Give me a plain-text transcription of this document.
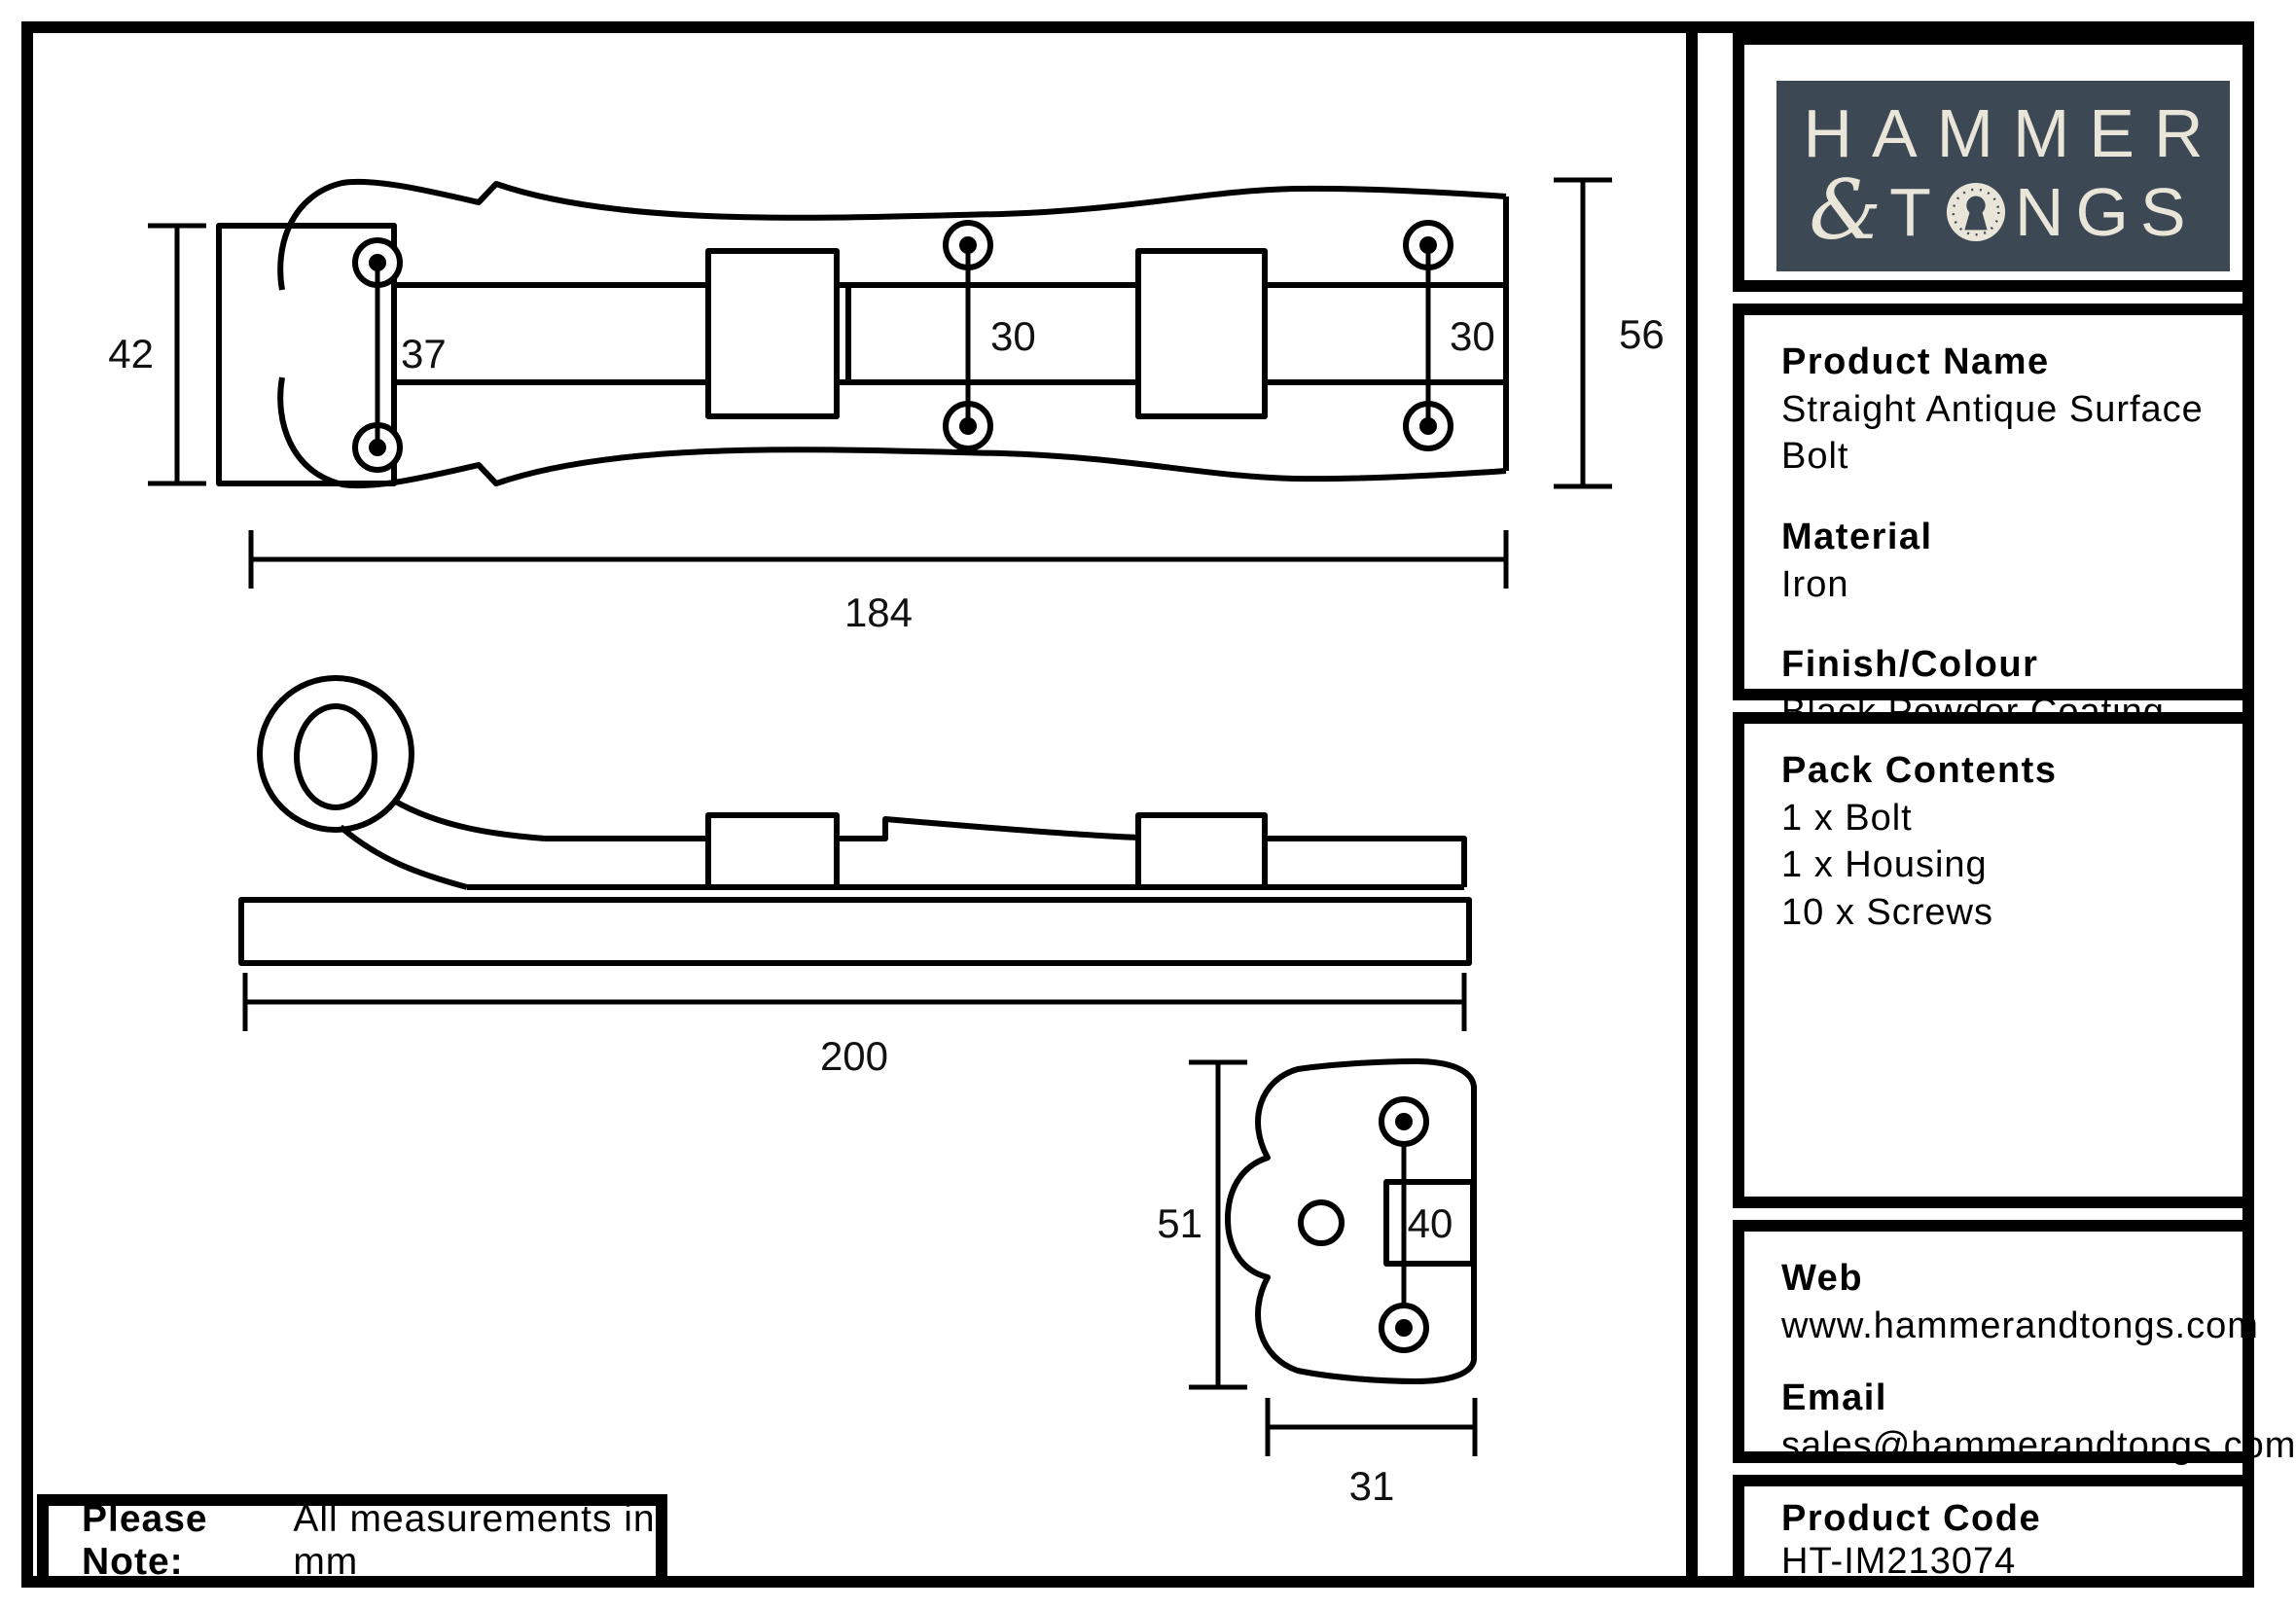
42	37	30	30	56
184
200
51	40
31
Please Note:
All measurements in mm
HAMMER
& T NGS
Product Name
Straight Antique Surface Bolt
Material
Iron
Finish/Colour
Pack Contents
1 x Bolt
1 x Housing
10 x Screws
Web
www.hammerandtongs.com
Email
sales@hammerandtongs.com
Product Code
HT-IM213074
